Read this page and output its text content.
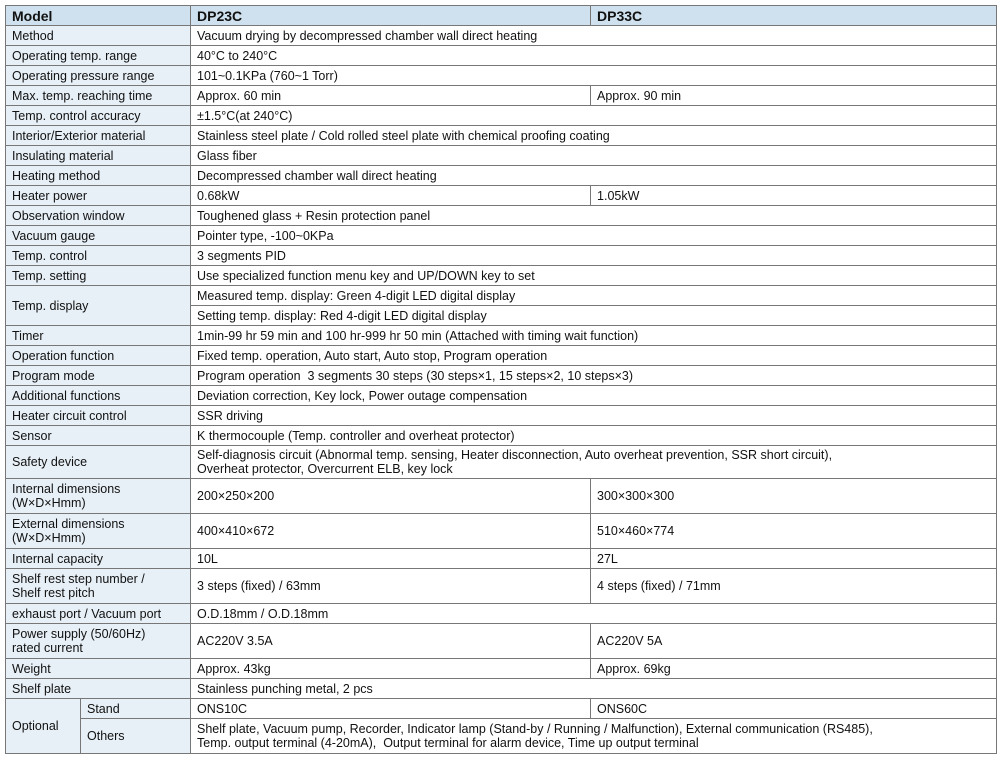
Model		DP23C	DP33C
Method		Vacuum drying by decompressed chamber wall direct heating	
Operating temp. range		40°C to 240°C	
Operating pressure range		101~0.1KPa (760~1 Torr)	
Max. temp. reaching time		Approx. 60 min	Approx. 90 min
Temp. control accuracy		±1.5°C(at 240°C)	
Interior/Exterior material		Stainless steel plate / Cold rolled steel plate with chemical proofing coating	
Insulating material		Glass fiber	
Heating method		Decompressed chamber wall direct heating	
Heater power		0.68kW	1.05kW
Observation window		Toughened glass + Resin protection panel	
Vacuum gauge		Pointer type, -100~0KPa	
Temp. control		3 segments PID	
Temp. setting		Use specialized function menu key and UP/DOWN key to set	
Temp. display		Measured temp. display: Green 4-digit LED digital display	
		Setting temp. display: Red 4-digit LED digital display	
Timer		1min-99 hr 59 min and 100 hr-999 hr 50 min (Attached with timing wait function)	
Operation function		Fixed temp. operation, Auto start, Auto stop, Program operation	
Program mode		Program operation  3 segments 30 steps (30 steps×1, 15 steps×2, 10 steps×3)	
Additional functions		Deviation correction, Key lock, Power outage compensation	
Heater circuit control		SSR driving	
Sensor		K thermocouple (Temp. controller and overheat protector)	
Safety device		Self-diagnosis circuit (Abnormal temp. sensing, Heater disconnection, Auto overheat prevention, SSR short circuit),
Overheat protector, Overcurrent ELB, key lock	

Internal dimensions
(W×D×Hmm)		200×250×200	300×300×300

External dimensions
(W×D×Hmm)		400×410×672	510×460×774
Internal capacity		10L	27L

Shelf rest step number /
Shelf rest pitch		3 steps (fixed) / 63mm	4 steps (fixed) / 71mm
exhaust port / Vacuum port		O.D.18mm / O.D.18mm	

Power supply (50/60Hz)
rated current		AC220V 3.5A	AC220V 5A
Weight		Approx. 43kg	Approx. 69kg
Shelf plate		Stainless punching metal, 2 pcs	
Optional	Stand	ONS10C	ONS60C
	Others	Shelf plate, Vacuum pump, Recorder, Indicator lamp (Stand-by / Running / Malfunction), External communication (RS485),
Temp. output terminal (4-20mA),  Output terminal for alarm device, Time up output terminal	
